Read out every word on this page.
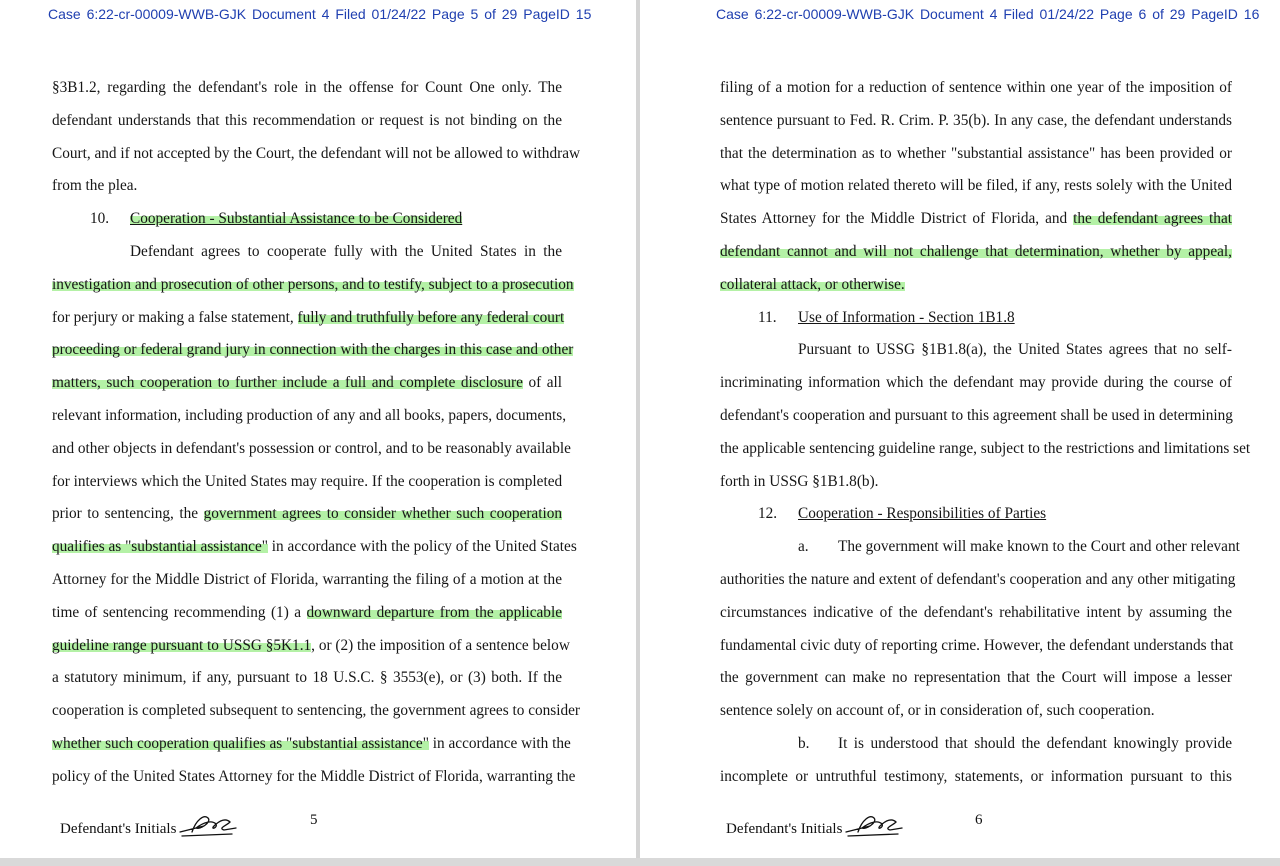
Case 6:22-cr-00009-WWB-GJK Document 4 Filed 01/24/22 Page 5 of 29 PageID 15
§3B1.2, regarding the defendant's role in the offense for Count One only. The
defendant understands that this recommendation or request is not binding on the
Court, and if not accepted by the Court, the defendant will not be allowed to withdraw
from the plea.
10. Cooperation - Substantial Assistance to be Considered
Defendant agrees to cooperate fully with the United States in the
investigation and prosecution of other persons, and to testify, subject to a prosecution
for perjury or making a false statement, fully and truthfully before any federal court
proceeding or federal grand jury in connection with the charges in this case and other
matters, such cooperation to further include a full and complete disclosure of all
relevant information, including production of any and all books, papers, documents,
and other objects in defendant's possession or control, and to be reasonably available
for interviews which the United States may require. If the cooperation is completed
prior to sentencing, the government agrees to consider whether such cooperation
qualifies as "substantial assistance" in accordance with the policy of the United States
Attorney for the Middle District of Florida, warranting the filing of a motion at the
time of sentencing recommending (1) a downward departure from the applicable
guideline range pursuant to USSG §5K1.1, or (2) the imposition of a sentence below
a statutory minimum, if any, pursuant to 18 U.S.C. § 3553(e), or (3) both. If the
cooperation is completed subsequent to sentencing, the government agrees to consider
whether such cooperation qualifies as "substantial assistance" in accordance with the
policy of the United States Attorney for the Middle District of Florida, warranting the
Defendant's Initials
5
Case 6:22-cr-00009-WWB-GJK Document 4 Filed 01/24/22 Page 6 of 29 PageID 16
filing of a motion for a reduction of sentence within one year of the imposition of
sentence pursuant to Fed. R. Crim. P. 35(b). In any case, the defendant understands
that the determination as to whether "substantial assistance" has been provided or
what type of motion related thereto will be filed, if any, rests solely with the United
States Attorney for the Middle District of Florida, and the defendant agrees that
defendant cannot and will not challenge that determination, whether by appeal,
collateral attack, or otherwise.
11. Use of Information - Section 1B1.8
Pursuant to USSG §1B1.8(a), the United States agrees that no self-
incriminating information which the defendant may provide during the course of
defendant's cooperation and pursuant to this agreement shall be used in determining
the applicable sentencing guideline range, subject to the restrictions and limitations set
forth in USSG §1B1.8(b).
12. Cooperation - Responsibilities of Parties
a. The government will make known to the Court and other relevant
authorities the nature and extent of defendant's cooperation and any other mitigating
circumstances indicative of the defendant's rehabilitative intent by assuming the
fundamental civic duty of reporting crime. However, the defendant understands that
the government can make no representation that the Court will impose a lesser
sentence solely on account of, or in consideration of, such cooperation.
b. It is understood that should the defendant knowingly provide
incomplete or untruthful testimony, statements, or information pursuant to this
Defendant's Initials
6
